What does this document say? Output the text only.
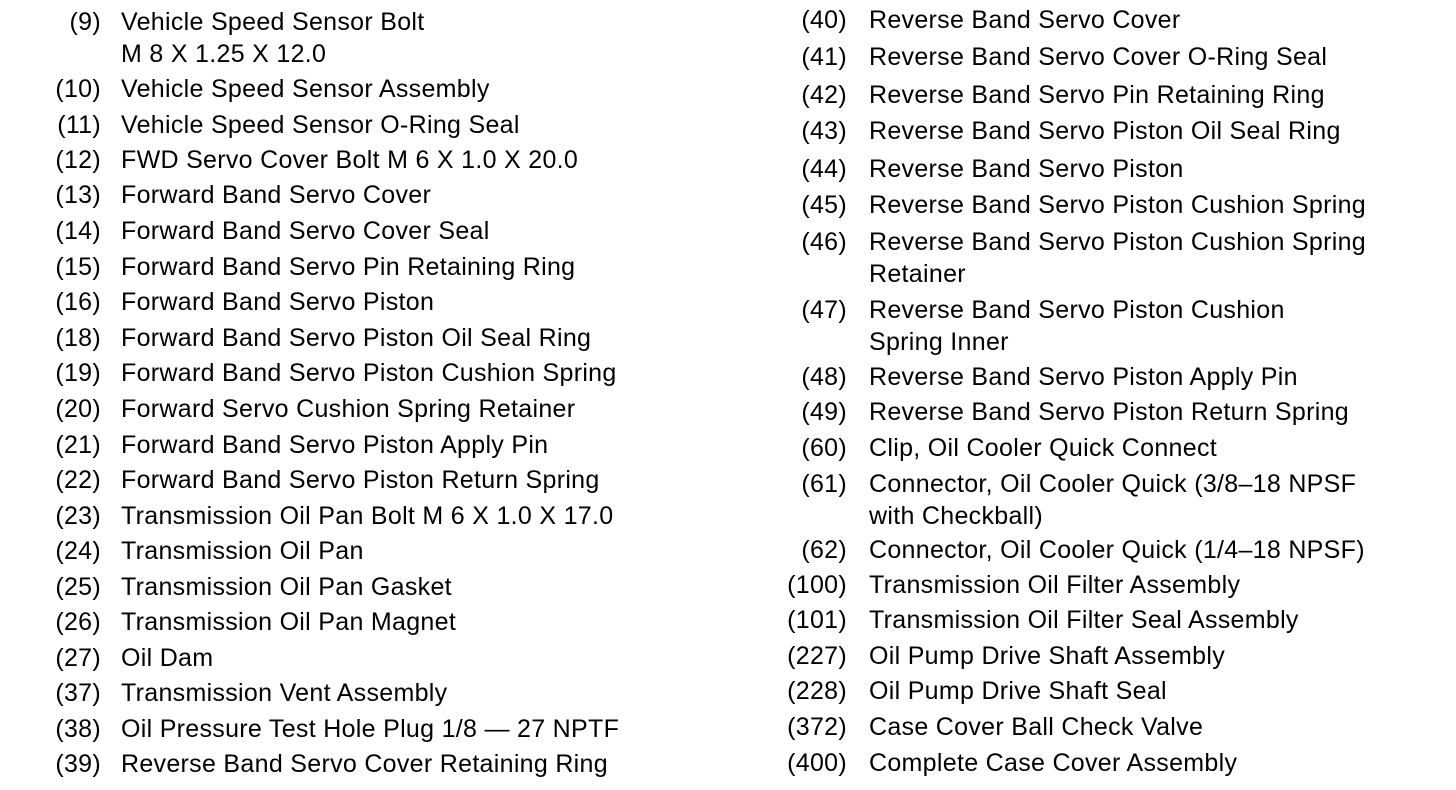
(9) Vehicle Speed Sensor Bolt
M 8 X 1.25 X 12.0
(10) Vehicle Speed Sensor Assembly
(11) Vehicle Speed Sensor O-Ring Seal
(12) FWD Servo Cover Bolt M 6 X 1.0 X 20.0
(13) Forward Band Servo Cover
(14) Forward Band Servo Cover Seal
(15) Forward Band Servo Pin Retaining Ring
(16) Forward Band Servo Piston
(18) Forward Band Servo Piston Oil Seal Ring
(19) Forward Band Servo Piston Cushion Spring
(20) Forward Servo Cushion Spring Retainer
(21) Forward Band Servo Piston Apply Pin
(22) Forward Band Servo Piston Return Spring
(23) Transmission Oil Pan Bolt M 6 X 1.0 X 17.0
(24) Transmission Oil Pan
(25) Transmission Oil Pan Gasket
(26) Transmission Oil Pan Magnet
(27) Oil Dam
(37) Transmission Vent Assembly
(38) Oil Pressure Test Hole Plug 1/8 — 27 NPTF
(39) Reverse Band Servo Cover Retaining Ring
(40) Reverse Band Servo Cover
(41) Reverse Band Servo Cover O-Ring Seal
(42) Reverse Band Servo Pin Retaining Ring
(43) Reverse Band Servo Piston Oil Seal Ring
(44) Reverse Band Servo Piston
(45) Reverse Band Servo Piston Cushion Spring
(46) Reverse Band Servo Piston Cushion Spring
Retainer
(47) Reverse Band Servo Piston Cushion
Spring Inner
(48) Reverse Band Servo Piston Apply Pin
(49) Reverse Band Servo Piston Return Spring
(60) Clip, Oil Cooler Quick Connect
(61) Connector, Oil Cooler Quick (3/8–18 NPSF
with Checkball)
(62) Connector, Oil Cooler Quick (1/4–18 NPSF)
(100) Transmission Oil Filter Assembly
(101) Transmission Oil Filter Seal Assembly
(227) Oil Pump Drive Shaft Assembly
(228) Oil Pump Drive Shaft Seal
(372) Case Cover Ball Check Valve
(400) Complete Case Cover Assembly
